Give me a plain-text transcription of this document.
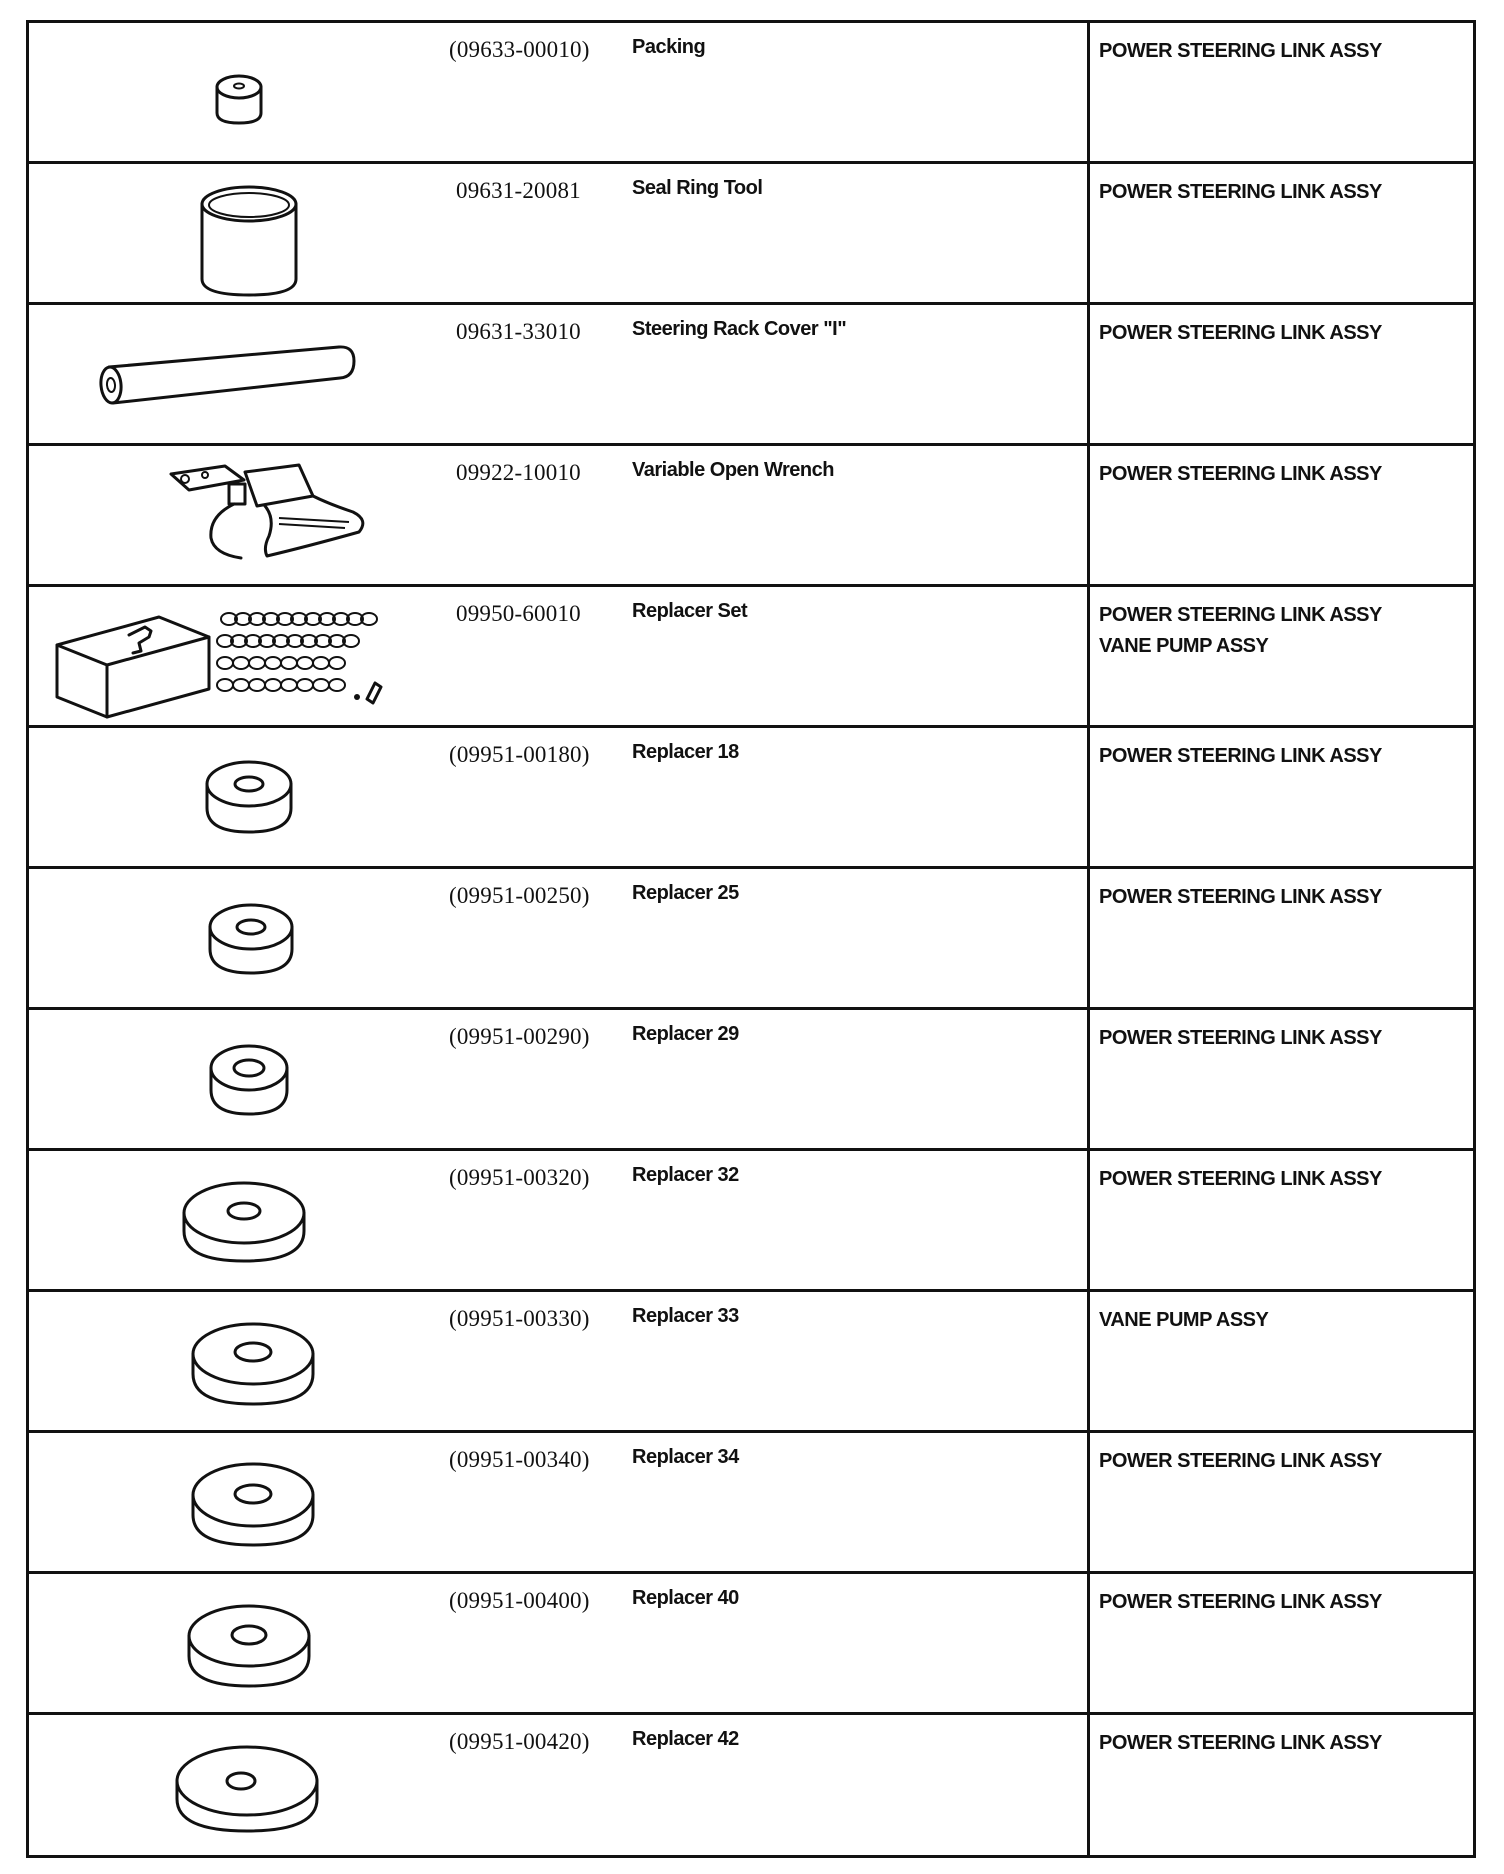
(09633-00010)	Packing	POWER STEERING LINK ASSY
09631-20081	Seal Ring Tool	POWER STEERING LINK ASSY
09631-33010	Steering Rack Cover "I"	POWER STEERING LINK ASSY
09922-10010	Variable Open Wrench	POWER STEERING LINK ASSY
09950-60010	Replacer Set	POWER STEERING LINK ASSY
VANE PUMP ASSY
(09951-00180)	Replacer 18	POWER STEERING LINK ASSY
(09951-00250)	Replacer 25	POWER STEERING LINK ASSY
(09951-00290)	Replacer 29	POWER STEERING LINK ASSY
(09951-00320)	Replacer 32	POWER STEERING LINK ASSY
(09951-00330)	Replacer 33	VANE PUMP ASSY
(09951-00340)	Replacer 34	POWER STEERING LINK ASSY
(09951-00400)	Replacer 40	POWER STEERING LINK ASSY
(09951-00420)	Replacer 42	POWER STEERING LINK ASSY
